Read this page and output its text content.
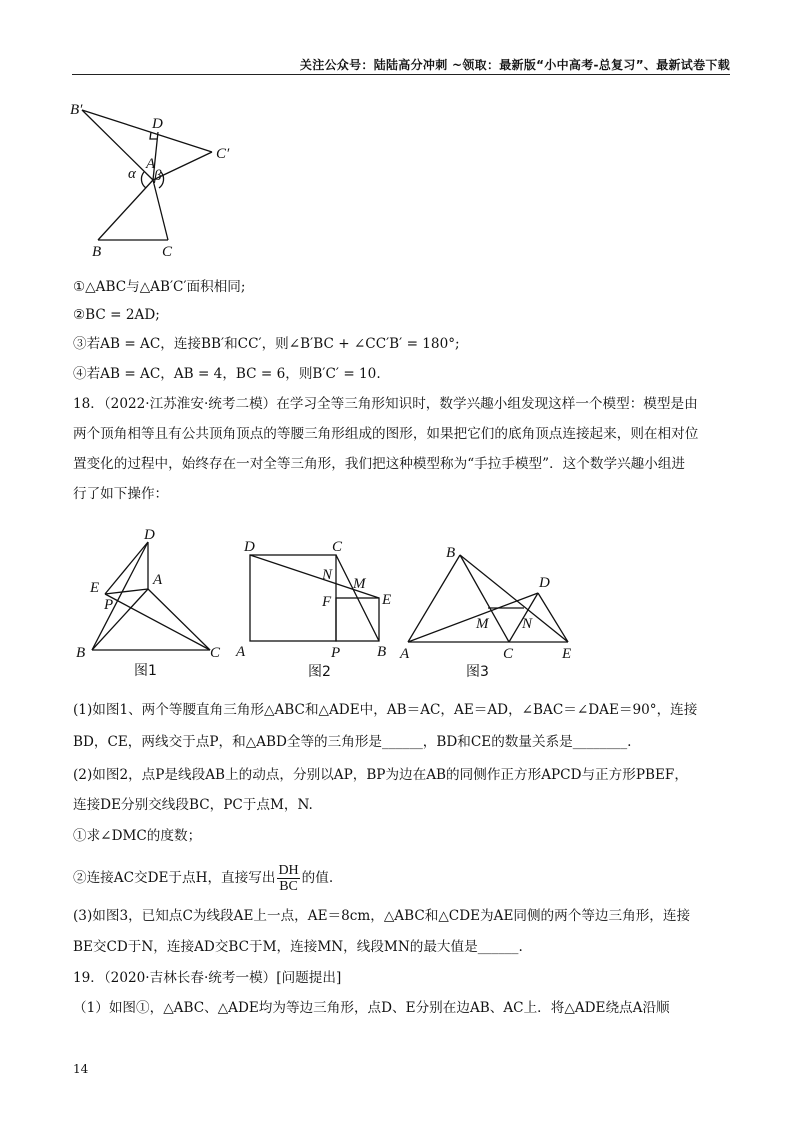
关注公众号：陆陆高分冲刺 ~领取：最新版“小中高考-总复习”、最新试卷下载
B′
D
C′
A
α β
B	C
①△ABC与△AB′C′面积相同;
②BC = 2AD;
③若AB = AC，连接BB′和CC′，则∠B′BC + ∠CC′B′ = 180°;
④若AB = AC，AB = 4，BC = 6，则B′C′ = 10.
18．（2022·江苏淮安·统考二模）在学习全等三角形知识时，数学兴趣小组发现这样一个模型：模型是由
两个顶角相等且有公共顶角顶点的等腰三角形组成的图形，如果把它们的底角顶点连接起来，则在相对位
置变化的过程中，始终存在一对全等三角形，我们把这种模型称为“手拉手模型”．这个数学兴趣小组进
行了如下操作：
D
E	A
P
B	C
图1
D	C
N
M
F	E
A	P B
图2
B
D
M N
A	C	E
图3
(1)如图1、两个等腰直角三角形△ABC和△ADE中，AB＝AC，AE＝AD，∠BAC＝∠DAE＝90°，连接
BD，CE，两线交于点P，和△ABD全等的三角形是______，BD和CE的数量关系是________.
(2)如图2，点P是线段AB上的动点，分别以AP，BP为边在AB的同侧作正方形APCD与正方形PBEF，
连接DE分别交线段BC，PC于点M，N.
①求∠DMC的度数；
②连接AC交DE于点H，直接写出 $\frac{DH}{BC}$ 的值.
(3)如图3，已知点C为线段AE上一点，AE＝8cm，△ABC和△CDE为AE同侧的两个等边三角形，连接
BE交CD于N，连接AD交BC于M，连接MN，线段MN的最大值是______.
19．（2020·吉林长春·统考一模）[问题提出]
（1）如图①，△ABC、△ADE均为等边三角形，点D、E分别在边AB、AC上．将△ADE绕点A沿顺
14
